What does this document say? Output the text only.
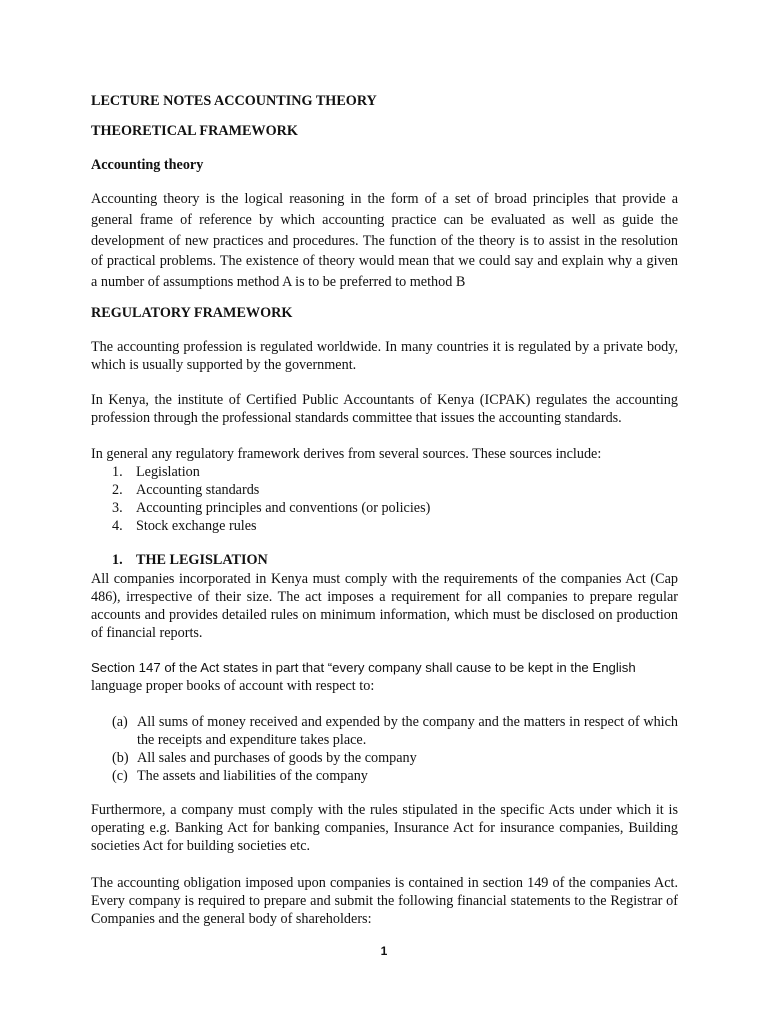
LECTURE NOTES ACCOUNTING THEORY

THEORETICAL FRAMEWORK

Accounting theory

Accounting theory is the logical reasoning in the form of a set of broad principles that provide a general frame of reference by which accounting practice can be evaluated as well as guide the development of new practices and procedures. The function of the theory is to assist in the resolution of practical problems. The existence of theory would mean that we could say and explain why a given a number of assumptions method A is to be preferred to method B

REGULATORY FRAMEWORK

The accounting profession is regulated worldwide. In many countries it is regulated by a private body, which is usually supported by the government.

In Kenya, the institute of Certified Public Accountants of Kenya (ICPAK) regulates the accounting profession through the professional standards committee that issues the accounting standards.

In general any regulatory framework derives from several sources. These sources include:

1. Legislation
2. Accounting standards
3. Accounting principles and conventions (or policies)
4. Stock exchange rules
1. THE LEGISLATION

All companies incorporated in Kenya must comply with the requirements of the companies Act (Cap 486), irrespective of their size. The act imposes a requirement for all companies to prepare regular accounts and provides detailed rules on minimum information, which must be disclosed on production of financial reports.

Section 147 of the Act states in part that “every company shall cause to be kept in the English

language proper books of account with respect to:

(a) All sums of money received and expended by the company and the matters in respect of which the receipts and expenditure takes place.
(b) All sales and purchases of goods by the company
(c) The assets and liabilities of the company

Furthermore, a company must comply with the rules stipulated in the specific Acts under which it is operating e.g. Banking Act for banking companies, Insurance Act for insurance companies, Building societies Act for building societies etc.

The accounting obligation imposed upon companies is contained in section 149 of the companies Act. Every company is required to prepare and submit the following financial statements to the Registrar of Companies and the general body of shareholders:

1
